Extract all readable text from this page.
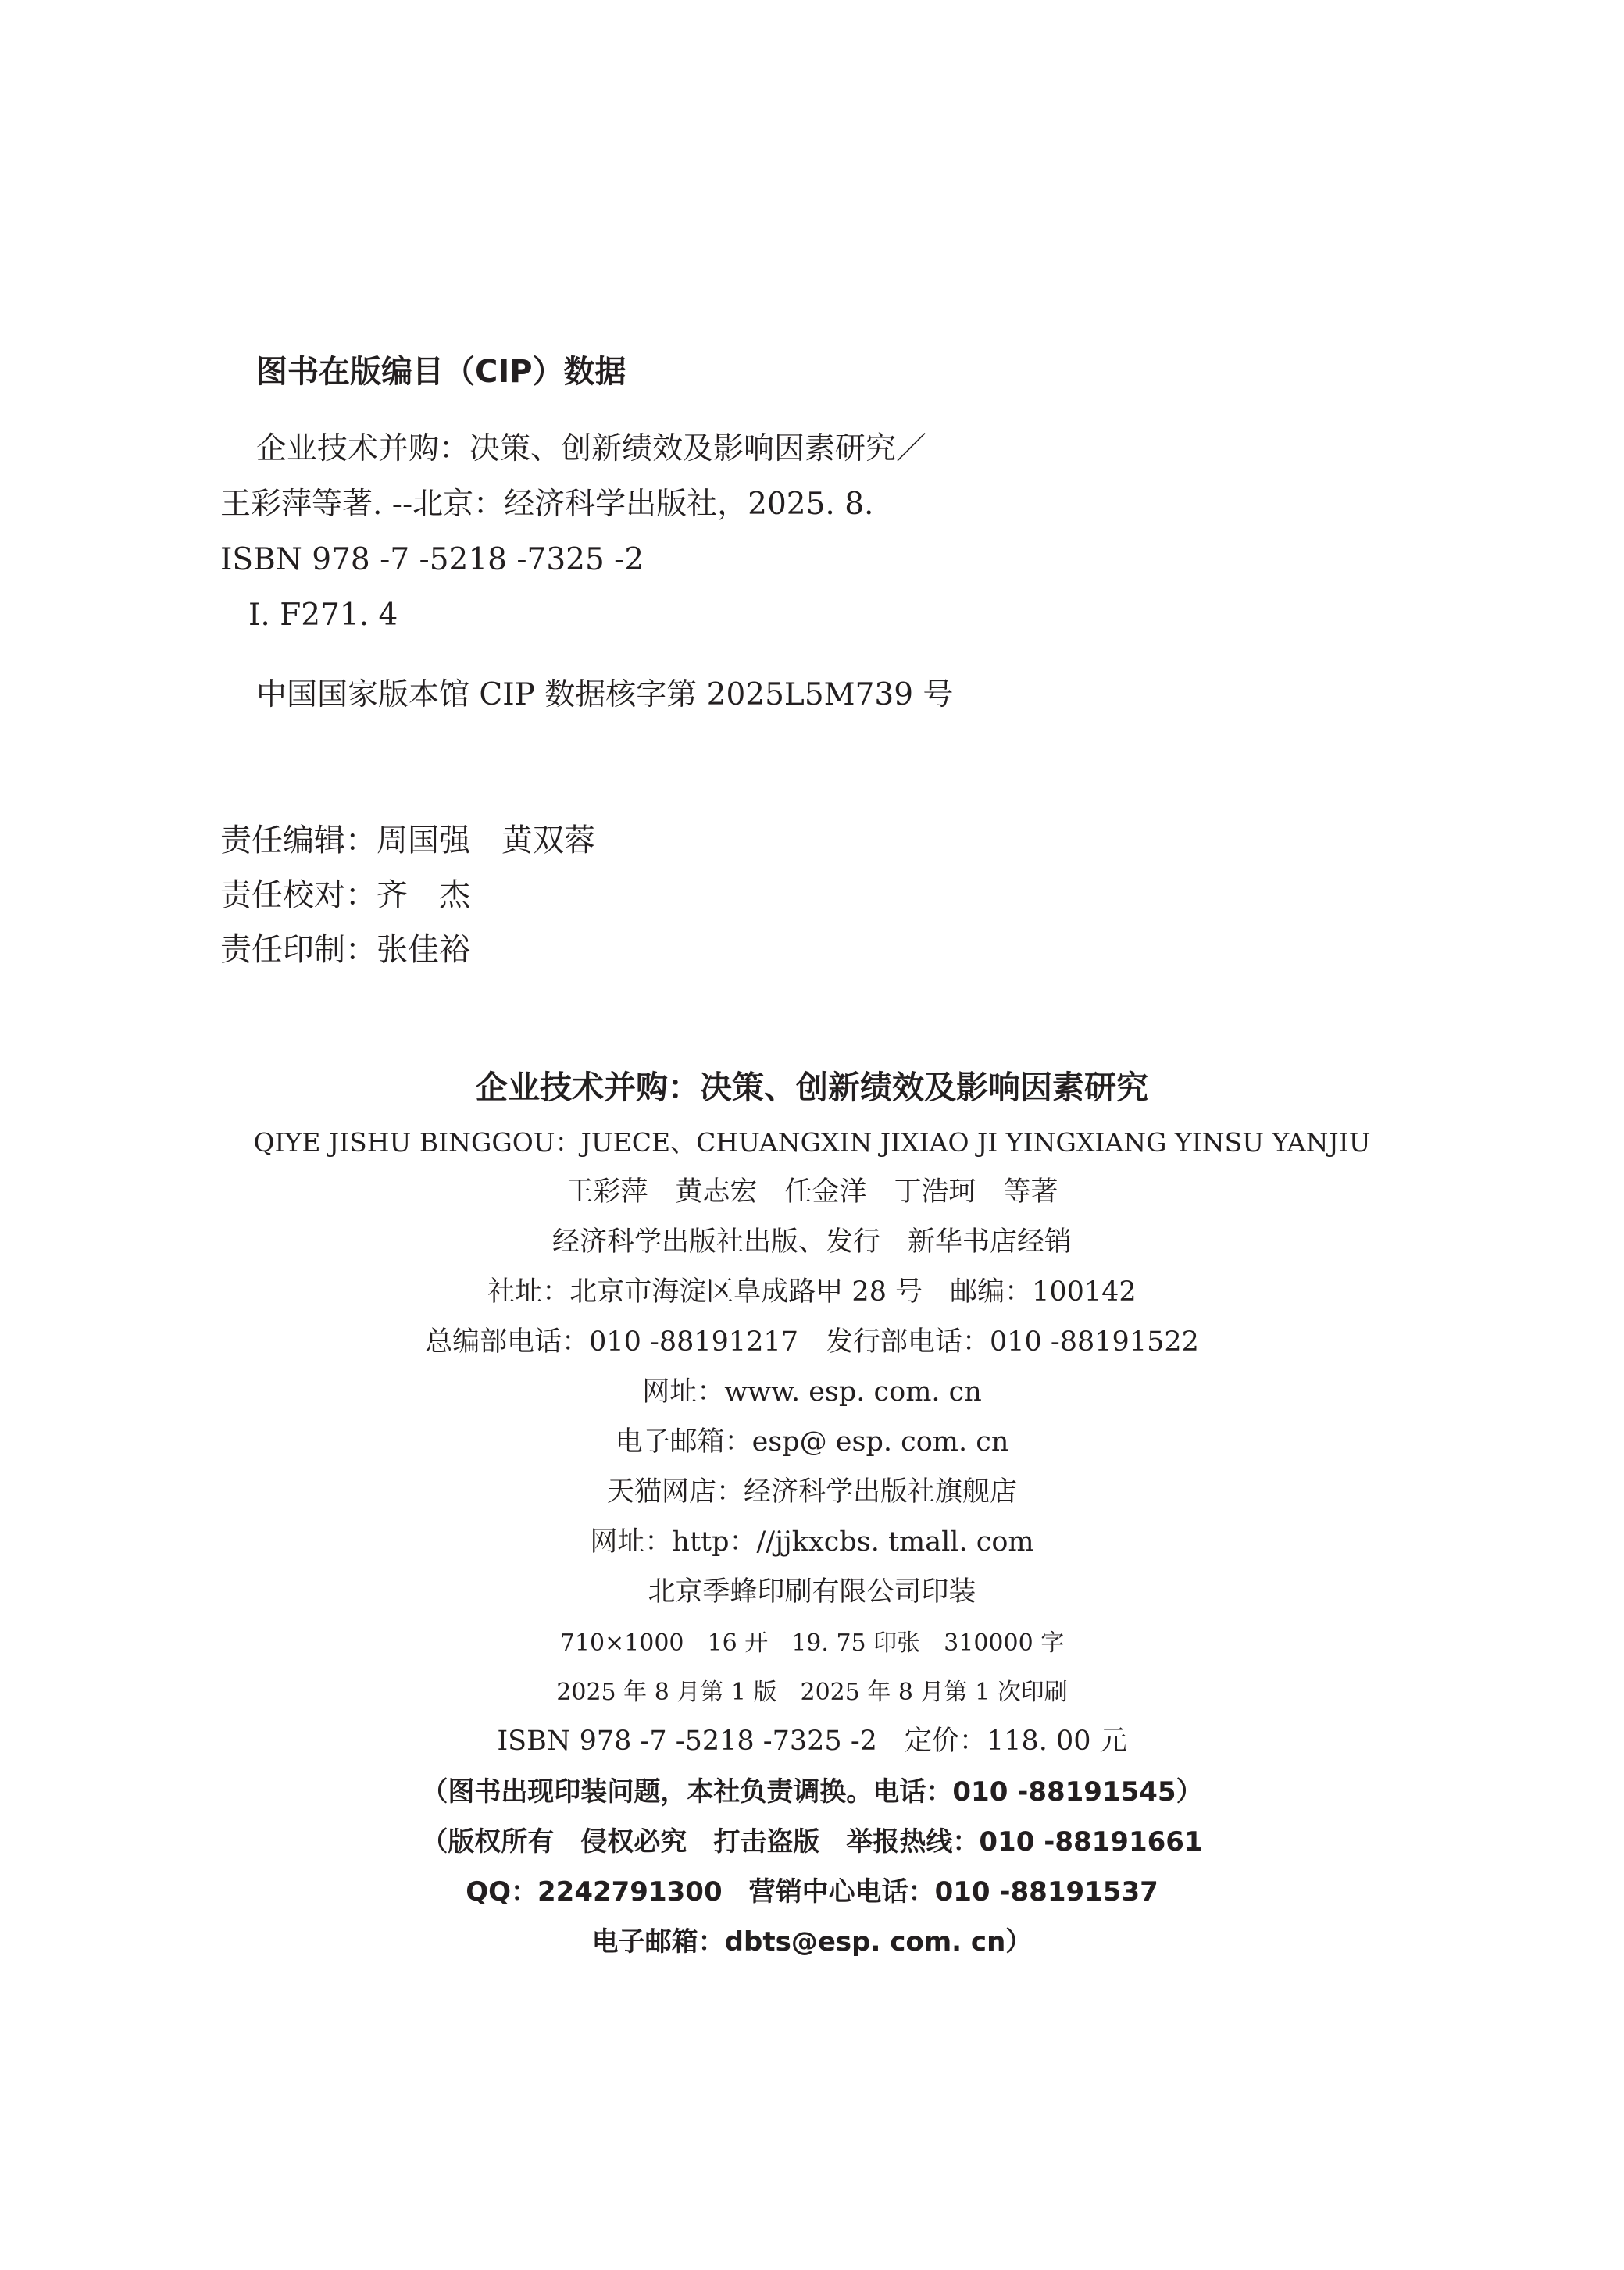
图书在版编目（CIP）数据

企业技术并购：决策、创新绩效及影响因素研究／

王彩萍等著. --北京：经济科学出版社，2025. 8.

ISBN 978 -7 -5218 -7325 -2

Ⅰ. F271. 4

中国国家版本馆 CIP 数据核字第 2025L5M739 号

责任编辑：周国强　黄双蓉

责任校对：齐　杰

责任印制：张佳裕

企业技术并购：决策、创新绩效及影响因素研究

QIYE JISHU BINGGOU：JUECE、CHUANGXIN JIXIAO JI YINGXIANG YINSU YANJIU

王彩萍　黄志宏　任金洋　丁浩珂　等著

经济科学出版社出版、发行　新华书店经销

社址：北京市海淀区阜成路甲 28 号　邮编：100142

总编部电话：010 -88191217　发行部电话：010 -88191522

网址：www. esp. com. cn

电子邮箱：esp@ esp. com. cn

天猫网店：经济科学出版社旗舰店

网址：http：//jjkxcbs. tmall. com

北京季蜂印刷有限公司印装

710×1000　16 开　19. 75 印张　310000 字

2025 年 8 月第 1 版　2025 年 8 月第 1 次印刷

ISBN 978 -7 -5218 -7325 -2　定价：118. 00 元

（图书出现印装问题，本社负责调换。电话：010 -88191545）

（版权所有　侵权必究　打击盗版　举报热线：010 -88191661

QQ：2242791300　营销中心电话：010 -88191537

电子邮箱：dbts@esp. com. cn）
